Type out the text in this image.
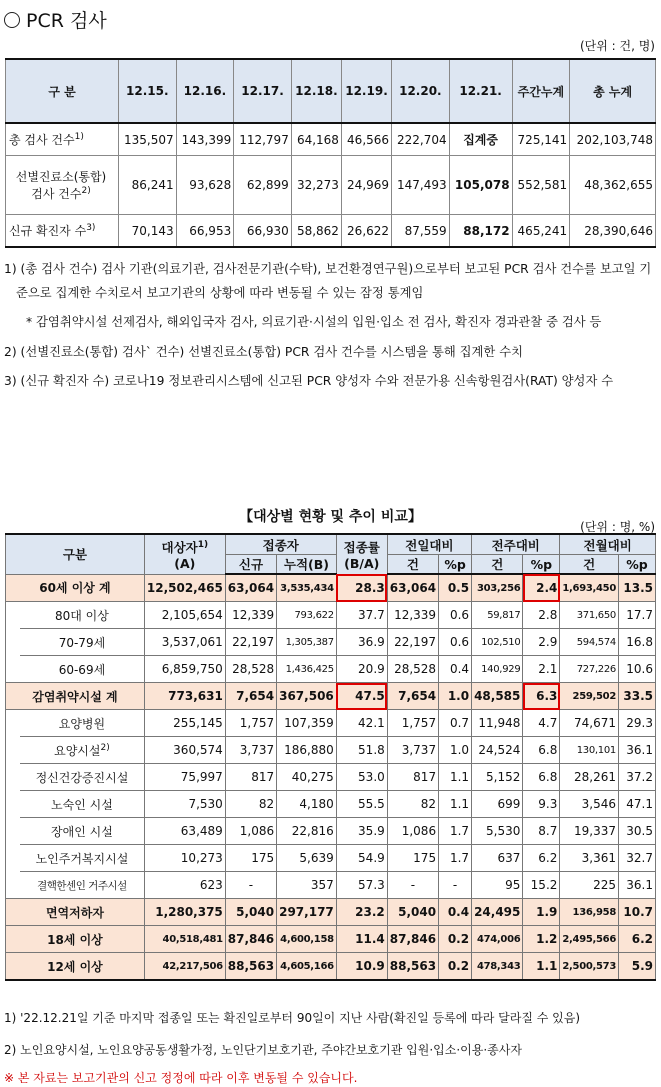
PCR 검사
(단위 : 건, 명)
구 분	12.15.	12.16.	12.17.	12.18.	12.19.	12.20.	12.21.	주간누계	총 누계
총 검사 건수$^{1)}$	135,507	143,399	112,797	64,168	46,566	222,704	집계중	725,141	202,103,748
선별진료소(통합)
검사 건수$^{2)}$	86,241	93,628	62,899	32,273	24,969	147,493	105,078	552,581	48,362,655
신규 확진자 수$^{3)}$	70,143	66,953	66,930	58,862	26,622	87,559	88,172	465,241	28,390,646

1) (총 검사 건수) 검사 기관(의료기관, 검사전문기관(수탁), 보건환경연구원)으로부터 보고된 PCR 검사 건수를 보고일 기준으로 집계한 수치로서 보고기관의 상황에 따라 변동될 수 있는 잠정 통계임

* 감염취약시설 선제검사, 해외입국자 검사, 의료기관·시설의 입원·입소 전 검사, 확진자 경과관찰 중 검사 등

2) (선별진료소(통합) 검사` 건수) 선별진료소(통합) PCR 검사 건수를 시스템을 통해 집계한 수치

3) (신규 확진자 수) 코로나19 정보관리시스템에 신고된 PCR 양성자 수와 전문가용 신속항원검사(RAT) 양성자 수

【대상별 현황 및 추이 비교】
(단위 : 명, %)
구분		대상자$^{1)}$
(A)	접종자		접종률
(B/A)	전일대비		전주대비		전월대비	
			신규	누적(B)		건	%p	건	%p	건	%p
60세 이상 계		12,502,465	63,064	3,535,434	28.3	63,064	0.5	303,256	2.4	1,693,450	13.5
	80대 이상	2,105,654	12,339	793,622	37.7	12,339	0.6	59,817	2.8	371,650	17.7
	70-79세	3,537,061	22,197	1,305,387	36.9	22,197	0.6	102,510	2.9	594,574	16.8
	60-69세	6,859,750	28,528	1,436,425	20.9	28,528	0.4	140,929	2.1	727,226	10.6
감염취약시설 계		773,631	7,654	367,506	47.5	7,654	1.0	48,585	6.3	259,502	33.5
	요양병원	255,145	1,757	107,359	42.1	1,757	0.7	11,948	4.7	74,671	29.3
	요양시설$^{2)}$	360,574	3,737	186,880	51.8	3,737	1.0	24,524	6.8	130,101	36.1
	정신건강증진시설	75,997	817	40,275	53.0	817	1.1	5,152	6.8	28,261	37.2
	노숙인 시설	7,530	82	4,180	55.5	82	1.1	699	9.3	3,546	47.1
	장애인 시설	63,489	1,086	22,816	35.9	1,086	1.7	5,530	8.7	19,337	30.5
	노인주거복지시설	10,273	175	5,639	54.9	175	1.7	637	6.2	3,361	32.7
	결핵한센인 거주시설	623	-	357	57.3	-	-	95	15.2	225	36.1
면역저하자		1,280,375	5,040	297,177	23.2	5,040	0.4	24,495	1.9	136,958	10.7
18세 이상		40,518,481	87,846	4,600,158	11.4	87,846	0.2	474,006	1.2	2,495,566	6.2
12세 이상		42,217,506	88,563	4,605,166	10.9	88,563	0.2	478,343	1.1	2,500,573	5.9
1) '22.12.21일 기준 마지막 접종일 또는 확진일로부터 90일이 지난 사람(확진일 등록에 따라 달라질 수 있음)
2) 노인요양시설, 노인요양공동생활가정, 노인단기보호기관, 주야간보호기관 입원·입소·이용·종사자
※ 본 자료는 보고기관의 신고 정정에 따라 이후 변동될 수 있습니다.
